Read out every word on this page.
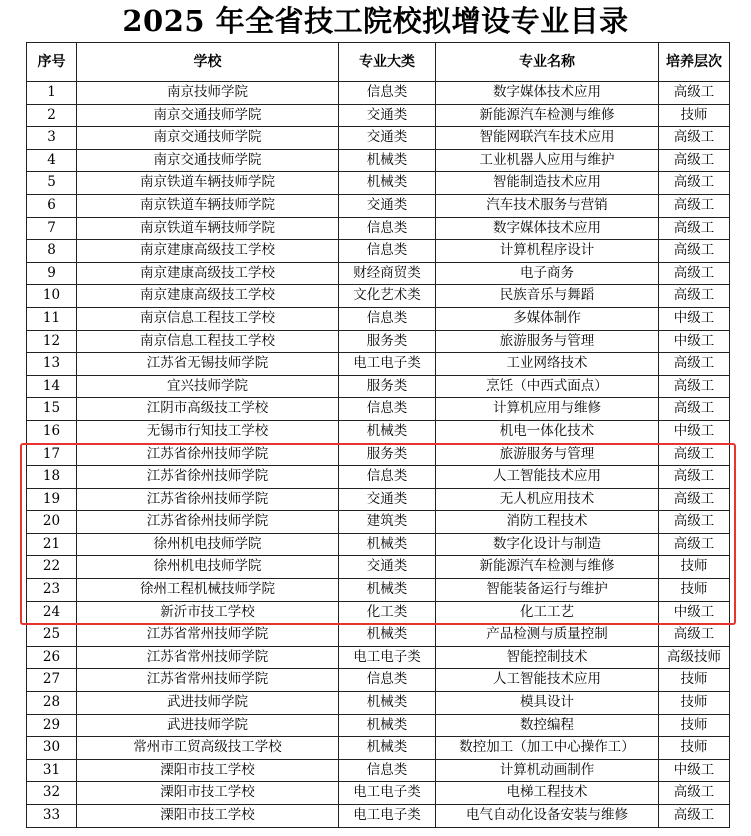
2025 年全省技工院校拟增设专业目录
序号	学校	专业大类	专业名称	培养层次
1	南京技师学院	信息类	数字媒体技术应用	高级工
2	南京交通技师学院	交通类	新能源汽车检测与维修	技师
3	南京交通技师学院	交通类	智能网联汽车技术应用	高级工
4	南京交通技师学院	机械类	工业机器人应用与维护	高级工
5	南京铁道车辆技师学院	机械类	智能制造技术应用	高级工
6	南京铁道车辆技师学院	交通类	汽车技术服务与营销	高级工
7	南京铁道车辆技师学院	信息类	数字媒体技术应用	高级工
8	南京建康高级技工学校	信息类	计算机程序设计	高级工
9	南京建康高级技工学校	财经商贸类	电子商务	高级工
10	南京建康高级技工学校	文化艺术类	民族音乐与舞蹈	高级工
11	南京信息工程技工学校	信息类	多媒体制作	中级工
12	南京信息工程技工学校	服务类	旅游服务与管理	中级工
13	江苏省无锡技师学院	电工电子类	工业网络技术	高级工
14	宜兴技师学院	服务类	烹饪（中西式面点）	高级工
15	江阴市高级技工学校	信息类	计算机应用与维修	高级工
16	无锡市行知技工学校	机械类	机电一体化技术	中级工
17	江苏省徐州技师学院	服务类	旅游服务与管理	高级工
18	江苏省徐州技师学院	信息类	人工智能技术应用	高级工
19	江苏省徐州技师学院	交通类	无人机应用技术	高级工
20	江苏省徐州技师学院	建筑类	消防工程技术	高级工
21	徐州机电技师学院	机械类	数字化设计与制造	高级工
22	徐州机电技师学院	交通类	新能源汽车检测与维修	技师
23	徐州工程机械技师学院	机械类	智能装备运行与维护	技师
24	新沂市技工学校	化工类	化工工艺	中级工
25	江苏省常州技师学院	机械类	产品检测与质量控制	高级工
26	江苏省常州技师学院	电工电子类	智能控制技术	高级技师
27	江苏省常州技师学院	信息类	人工智能技术应用	技师
28	武进技师学院	机械类	模具设计	技师
29	武进技师学院	机械类	数控编程	技师
30	常州市工贸高级技工学校	机械类	数控加工（加工中心操作工）	技师
31	溧阳市技工学校	信息类	计算机动画制作	中级工
32	溧阳市技工学校	电工电子类	电梯工程技术	高级工
33	溧阳市技工学校	电工电子类	电气自动化设备安装与维修	高级工
